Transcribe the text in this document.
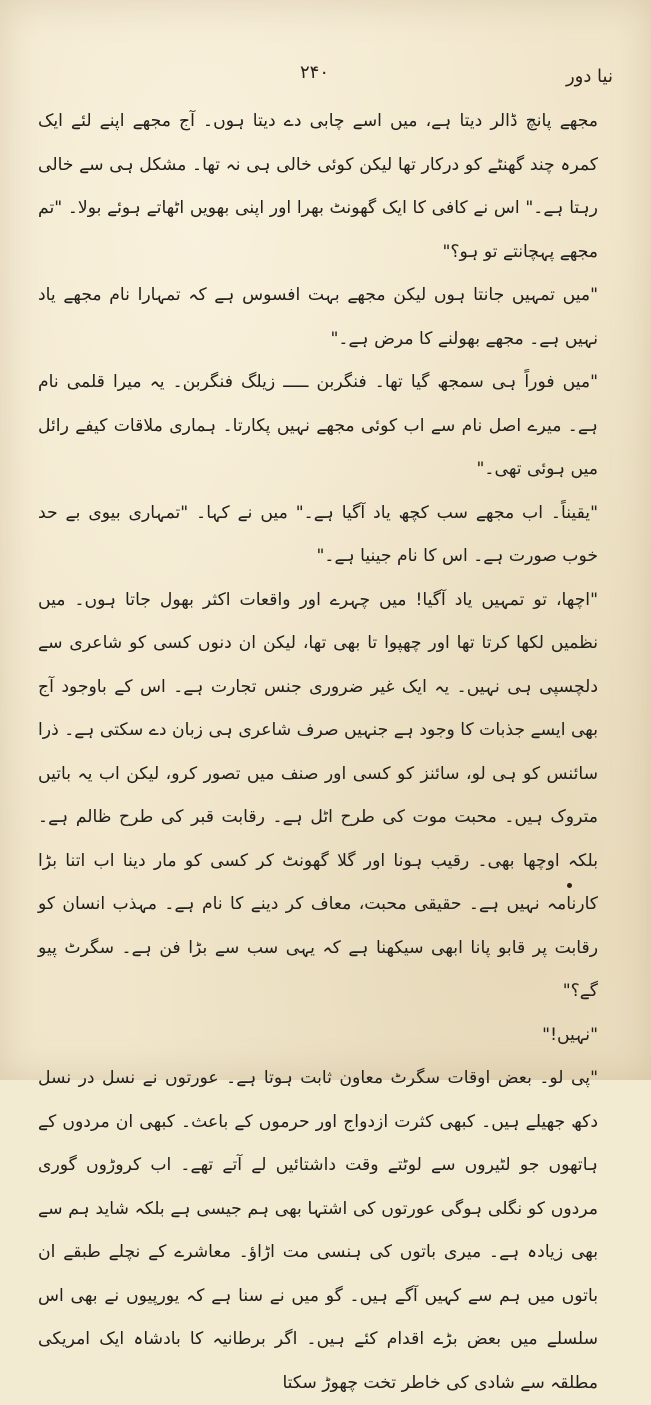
۲۴۰	نیا دور

مجھے پانچ ڈالر دیتا ہے، میں اسے چابی دے دیتا ہوں۔ آج مجھے اپنے لئے ایک کمرہ چند گھنٹے کو درکار تھا لیکن کوئی خالی ہی نہ تھا۔ مشکل ہی سے خالی رہتا ہے۔" اس نے کافی کا ایک گھونٹ بھرا اور اپنی بھویں اٹھاتے ہوئے بولا۔ "تم مجھے پہچانتے تو ہو؟"

"میں تمہیں جانتا ہوں لیکن مجھے بہت افسوس ہے کہ تمہارا نام مجھے یاد نہیں ہے۔ مجھے بھولنے کا مرض ہے۔"

"میں فوراً ہی سمجھ گیا تھا۔ فنگربن ـــــ زیلگ فنگربن۔ یہ میرا قلمی نام ہے۔ میرے اصل نام سے اب کوئی مجھے نہیں پکارتا۔ ہماری ملاقات کیفے رائل میں ہوئی تھی۔"

"یقیناً۔ اب مجھے سب کچھ یاد آگیا ہے۔" میں نے کہا۔ "تمہاری بیوی بے حد خوب صورت ہے۔ اس کا نام جینیا ہے۔"

"اچھا، تو تمہیں یاد آگیا! میں چہرے اور واقعات اکثر بھول جاتا ہوں۔ میں نظمیں لکھا کرتا تھا اور چھپوا تا بھی تھا، لیکن ان دنوں کسی کو شاعری سے دلچسپی ہی نہیں۔ یہ ایک غیر ضروری جنس تجارت ہے۔ اس کے باوجود آج بھی ایسے جذبات کا وجود ہے جنہیں صرف شاعری ہی زبان دے سکتی ہے۔ ذرا سائنس کو ہی لو، سائنز کو کسی اور صنف میں تصور کرو، لیکن اب یہ باتیں متروک ہیں۔ محبت موت کی طرح اٹل ہے۔ رقابت قبر کی طرح ظالم ہے۔ بلکہ اوچھا بھی۔ رقیب ہونا اور گلا گھونٹ کر کسی کو مار دینا اب اتنا بڑا کارنامہ نہیں ہے۔ حقیقی محبت، معاف کر دینے کا نام ہے۔ مہذب انسان کو رقابت پر قابو پانا ابھی سیکھنا ہے کہ یہی سب سے بڑا فن ہے۔ سگرٹ پیو گے؟"

"نہیں!"

"پی لو۔ بعض اوقات سگرٹ معاون ثابت ہوتا ہے۔ عورتوں نے نسل در نسل دکھ جھیلے ہیں۔ کبھی کثرت ازدواج اور حرموں کے باعث۔ کبھی ان مردوں کے ہاتھوں جو لٹیروں سے لوٹتے وقت داشتائیں لے آتے تھے۔ اب کروڑوں گوری مردوں کو نگلی ہوگی عورتوں کی اشتہا بھی ہم جیسی ہے بلکہ شاید ہم سے بھی زیادہ ہے۔ میری باتوں کی ہنسی مت اڑاؤ۔ معاشرے کے نچلے طبقے ان باتوں میں ہم سے کہیں آگے ہیں۔ گو میں نے سنا ہے کہ یورپیوں نے بھی اس سلسلے میں بعض بڑے اقدام کئے ہیں۔ اگر برطانیہ کا بادشاہ ایک امریکی مطلقہ سے شادی کی خاطر تخت چھوڑ سکتا
